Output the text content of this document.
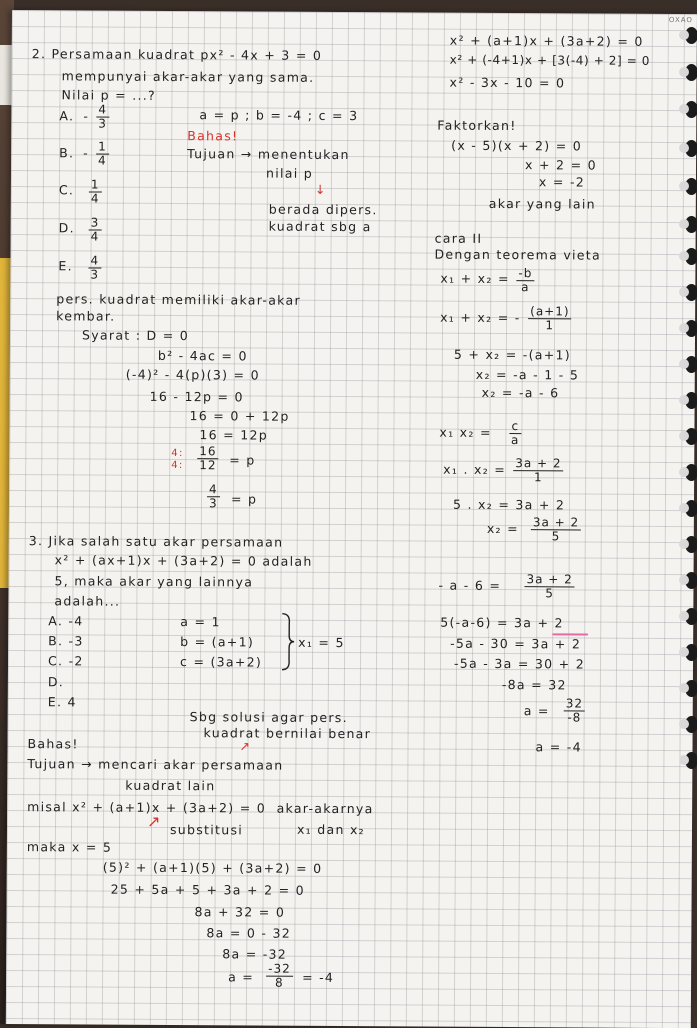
OXAO
2. Persamaan kuadrat px² - 4x + 3 = 0
mempunyai akar-akar yang sama.
Nilai p = ...?
A. - $\frac{4}{3}$
B. - $\frac{1}{4}$
C. $\frac{1}{4}$
D. $\frac{3}{4}$
E. $\frac{4}{3}$
a = p ; b = -4 ; c = 3
Bahas!
Tujuan → menentukan
nilai p
↓
berada dipers.
kuadrat sbg a
pers. kuadrat memiliki akar-akar
kembar.
Syarat : D = 0
b² - 4ac = 0
(-4)² - 4(p)(3) = 0
16 - 12p = 0
16 = 0 + 12p
16 = 12p
4:
4: $\frac{16}{12} = p$
$\frac{4}{3} = p$
3. Jika salah satu akar persamaan
x² + (ax+1)x + (3a+2) = 0 adalah
5, maka akar yang lainnya
adalah...
A. -4
B. -3
C. -2
D.
E. 4
a = 1
b = (a+1)
c = (3a+2)
x₁ = 5
Sbg solusi agar pers.
kuadrat bernilai benar
↗
Bahas!
Tujuan → mencari akar persamaan
kuadrat lain
misal x² + (a+1)x + (3a+2) = 0  akar-akarnya
↗ substitusi	x₁ dan x₂
maka x = 5
(5)² + (a+1)(5) + (3a+2) = 0
25 + 5a + 5 + 3a + 2 = 0
8a + 32 = 0
8a = 0 - 32
8a = -32
$a = \frac{-32}{8} = -4$
x² + (a+1)x + (3a+2) = 0
x² + (-4+1)x + [3(-4) + 2] = 0
x² - 3x - 10 = 0
Faktorkan!
(x - 5)(x + 2) = 0
x + 2 = 0
x = -2
akar yang lain
cara II
Dengan teorema vieta
$x_1 + x_2 = \frac{-b}{a}$
x₁ + x₂ = - $\frac{(a+1)}{1}$
5 + x₂ = -(a+1)
x₂ = -a - 1 - 5
x₂ = -a - 6
x₁ $x_2 = \frac{c}{a}$
x₁ . $x_2 = \frac{3a + 2}{1}$
5 . x₂ = 3a + 2
$x_2 = \frac{3a + 2}{5}$
- $a - 6 = \frac{3a + 2}{5}$
5(-a-6) = 3a + 2
-5a - 30 = 3a + 2
-5a - 3a = 30 + 2
-8a = 32
$a = \frac{32}{-8}$
a = -4
